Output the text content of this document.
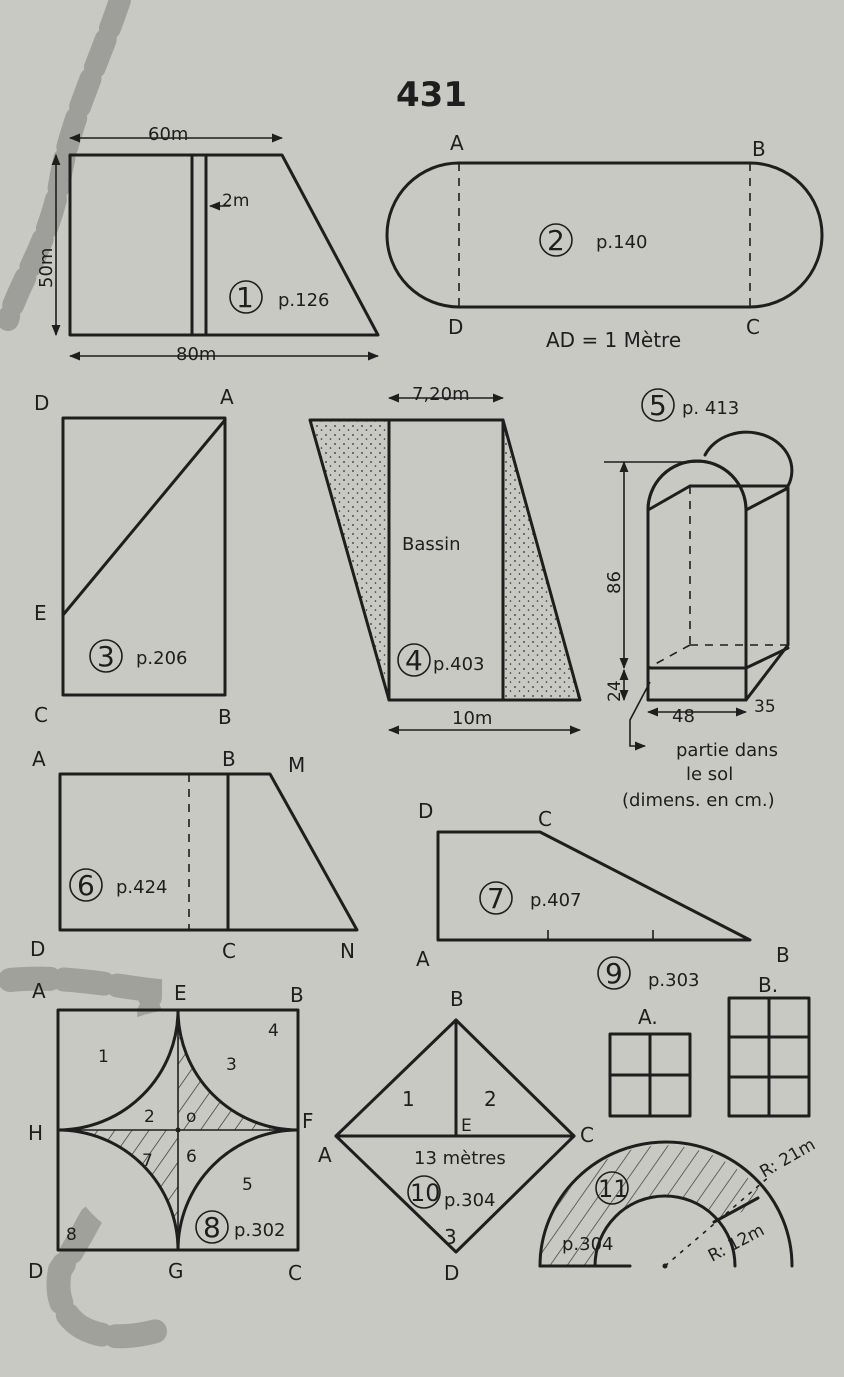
431
60m
50m
80m
2m
1 p.126
A	B
D	C
2 p.140
AD = 1 Mètre
D	A
E
C	B
3 p.206
7,20m
10m
Bassin
4 p.403
5 p. 413
86
24
48	35
partie dans
le sol
(dimens. en cm.)
A	B	M
D	C	N
6 p.424
D	C
A	B
7 p.407
A	E	B
H	F
D	G	C
1
2
3
4
5
6
7
8
o
8 p.302
9 p.303
A.
B.
B
A
C
D
E
1	2
3
13 mètres
10 p.304	11
p.304
R: 21m
R: 12m
